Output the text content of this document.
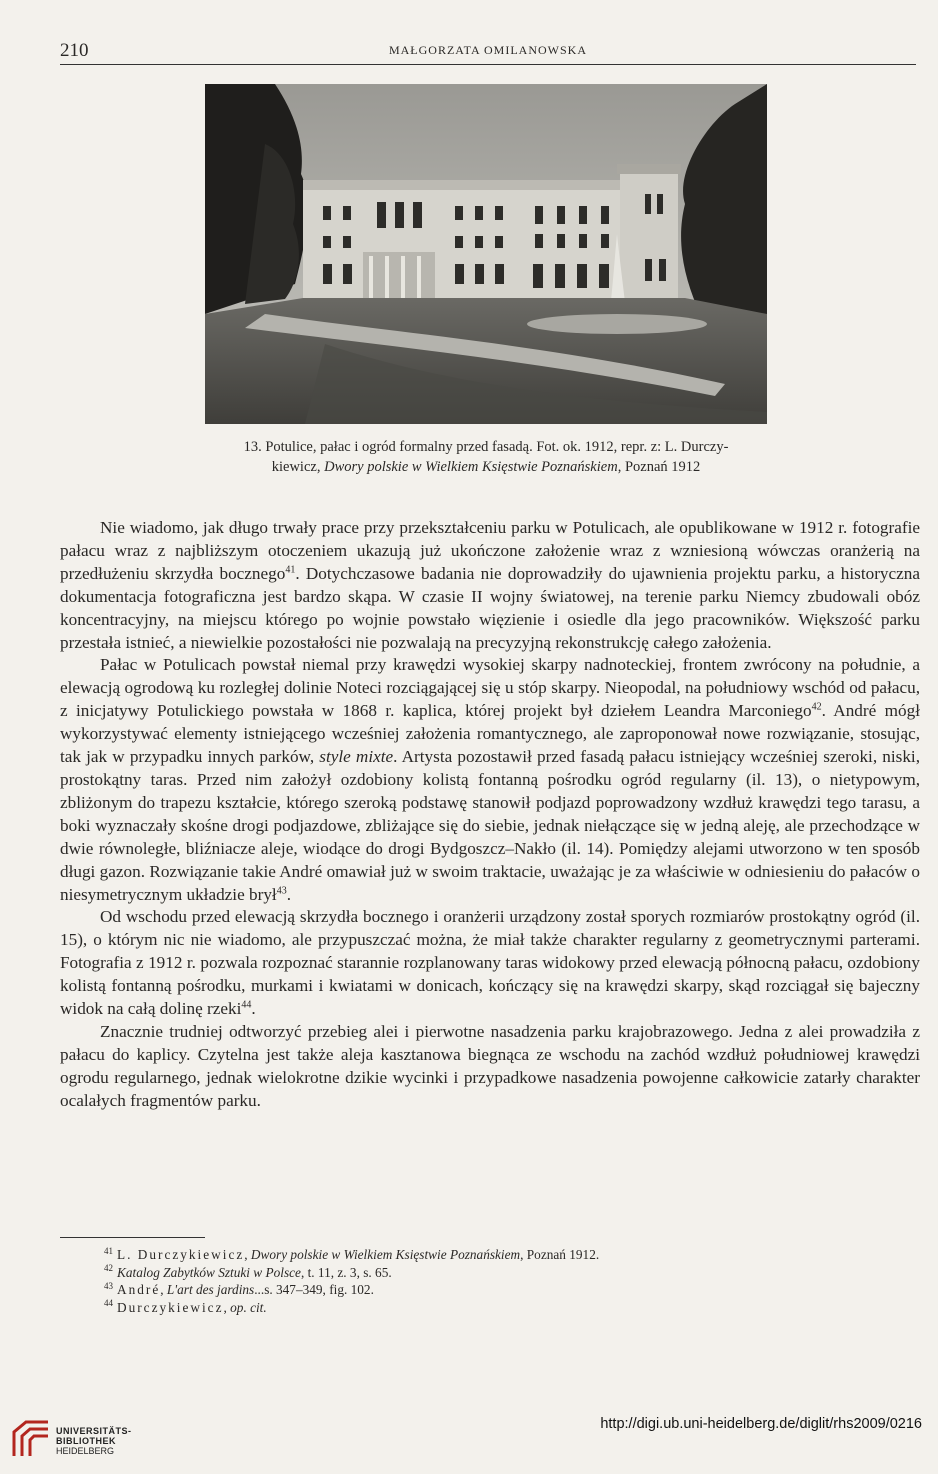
210	MAŁGORZATA OMILANOWSKA
13. Potulice, pałac i ogród formalny przed fasadą. Fot. ok. 1912, repr. z: L. Durczy-
kiewicz, Dwory polskie w Wielkiem Księstwie Poznańskiem, Poznań 1912

Nie wiadomo, jak długo trwały prace przy przekształceniu parku w Potulicach, ale opublikowane w 1912 r. fotografie pałacu wraz z najbliższym otoczeniem ukazują już ukończone założenie wraz z wzniesioną wówczas oranżerią na przedłużeniu skrzydła bocznego$^{41}$. Dotychczasowe badania nie doprowadziły do ujawnienia projektu parku, a historyczna dokumentacja fotograficzna jest bardzo skąpa. W czasie II wojny światowej, na terenie parku Niemcy zbudowali obóz koncentracyjny, na miejscu którego po wojnie powstało więzienie i osiedle dla jego pracowników. Większość parku przestała istnieć, a niewielkie pozostałości nie pozwalają na precyzyjną rekonstrukcję całego założenia.

Pałac w Potulicach powstał niemal przy krawędzi wysokiej skarpy nadnoteckiej, frontem zwrócony na południe, a elewacją ogrodową ku rozległej dolinie Noteci rozciągającej się u stóp skarpy. Nieopodal, na południowy wschód od pałacu, z inicjatywy Potulickiego powstała w 1868 r. kaplica, której projekt był dziełem Leandra Marconiego$^{42}$. André mógł wykorzystywać elementy istniejącego wcześniej założenia romantycznego, ale zaproponował nowe rozwiązanie, stosując, tak jak w przypadku innych parków, style mixte. Artysta pozostawił przed fasadą pałacu istniejący wcześniej szeroki, niski, prostokątny taras. Przed nim założył ozdobiony kolistą fontanną pośrodku ogród regularny (il. 13), o nietypowym, zbliżonym do trapezu kształcie, którego szeroką podstawę stanowił podjazd poprowadzony wzdłuż krawędzi tego tarasu, a boki wyznaczały skośne drogi podjazdowe, zbliżające się do siebie, jednak niełączące się w jedną aleję, ale przechodzące w dwie równoległe, bliźniacze aleje, wiodące do drogi Bydgoszcz–Nakło (il. 14). Pomiędzy alejami utworzono w ten sposób długi gazon. Rozwiązanie takie André omawiał już w swoim traktacie, uważając je za właściwie w odniesieniu do pałaców o niesymetrycznym układzie brył$^{43}$.

Od wschodu przed elewacją skrzydła bocznego i oranżerii urządzony został sporych rozmiarów prostokątny ogród (il. 15), o którym nic nie wiadomo, ale przypuszczać można, że miał także charakter regularny z geometrycznymi parterami. Fotografia z 1912 r. pozwala rozpoznać starannie rozplanowany taras widokowy przed elewacją północną pałacu, ozdobiony kolistą fontanną pośrodku, murkami i kwiatami w donicach, kończący się na krawędzi skarpy, skąd rozciągał się bajeczny widok na całą dolinę rzeki$^{44}$.

Znacznie trudniej odtworzyć przebieg alei i pierwotne nasadzenia parku krajobrazowego. Jedna z alei prowadziła z pałacu do kaplicy. Czytelna jest także aleja kasztanowa biegnąca ze wschodu na zachód wzdłuż południowej krawędzi ogrodu regularnego, jednak wielokrotne dzikie wycinki i przypadkowe nasadzenia powojenne całkowicie zatarły charakter ocalałych fragmentów parku.

$^{41}$ L. Durczykiewicz, Dwory polskie w Wielkiem Księstwie Poznańskiem, Poznań 1912.
$^{42}$ Katalog Zabytków Sztuki w Polsce, t. 11, z. 3, s. 65.
$^{43}$ André, L'art des jardins...s. 347–349, fig. 102.
$^{44}$ Durczykiewicz, op. cit.
UNIVERSITÄTS-
BIBLIOTHEK
HEIDELBERG
http://digi.ub.uni-heidelberg.de/diglit/rhs2009/0216
